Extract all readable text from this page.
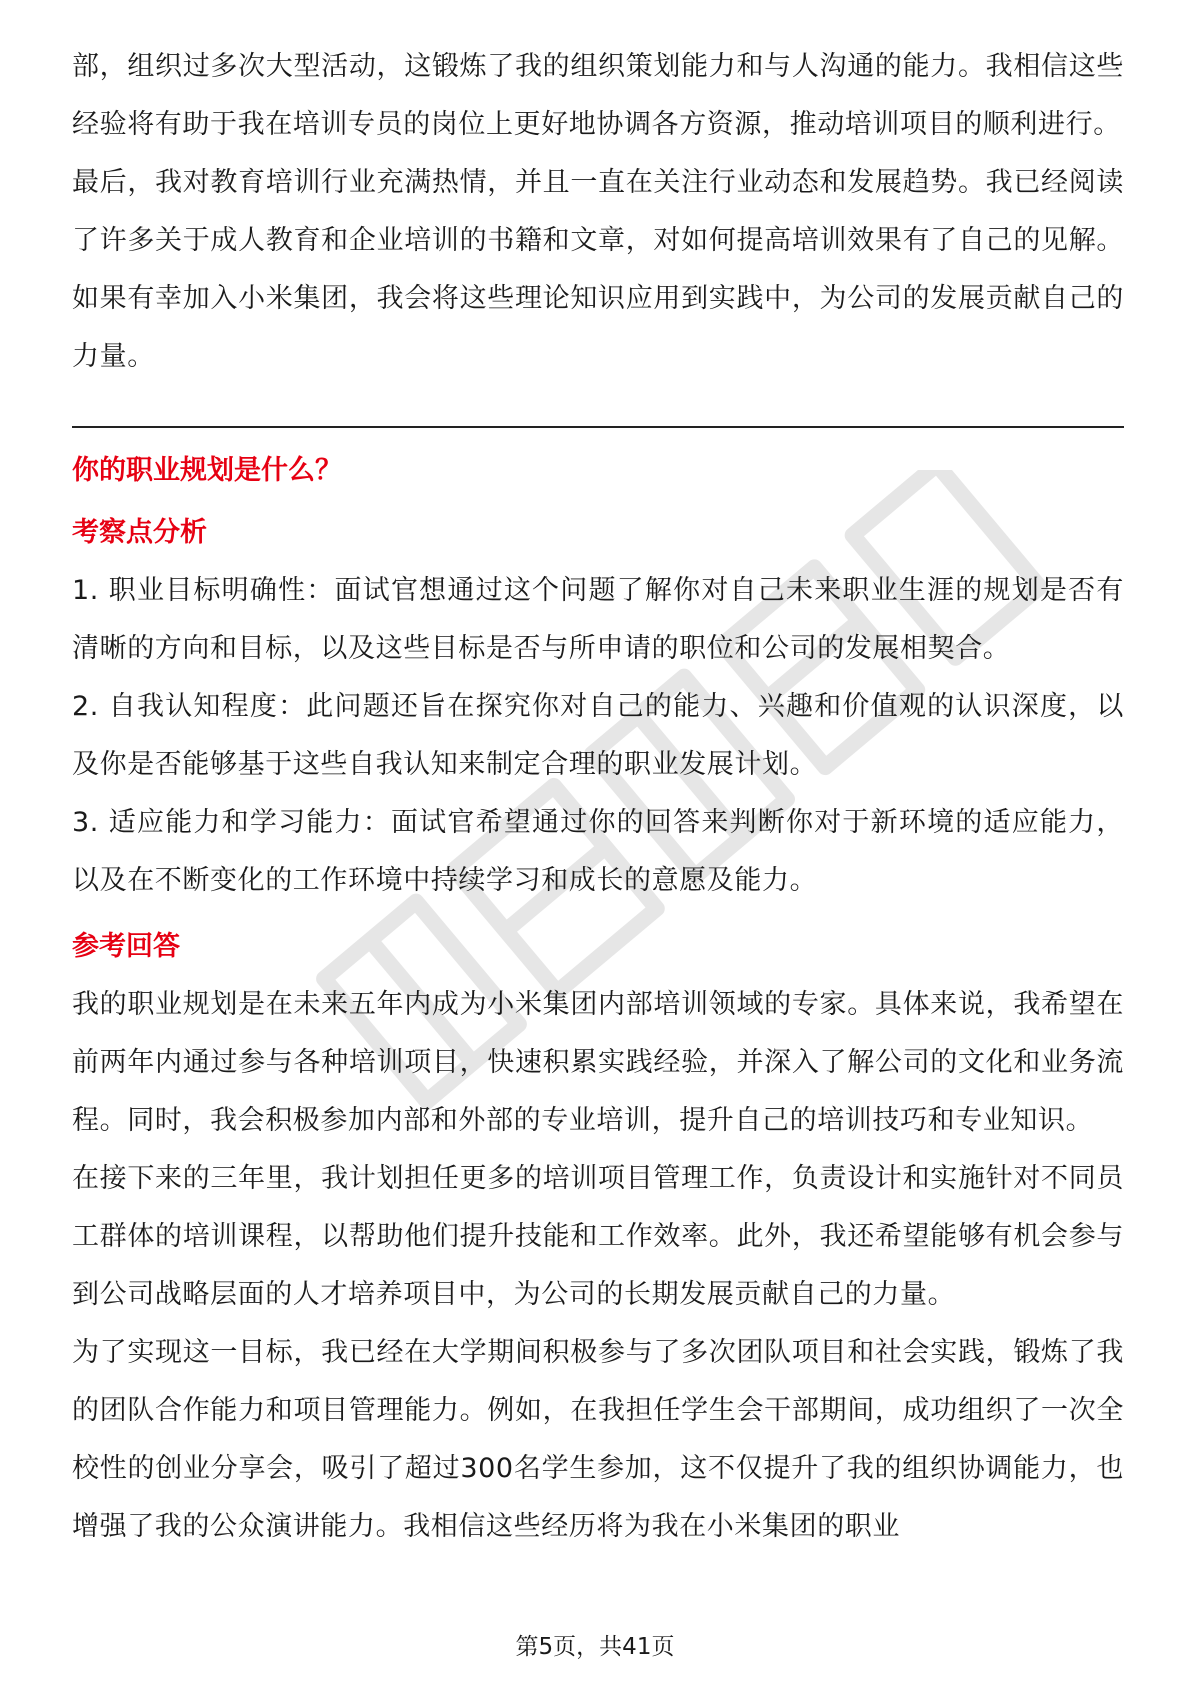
部，组织过多次大型活动，这锻炼了我的组织策划能力和与人沟通的能力。我相信这些经验将有助于我在培训专员的岗位上更好地协调各方资源，推动培训项目的顺利进行。

最后，我对教育培训行业充满热情，并且一直在关注行业动态和发展趋势。我已经阅读了许多关于成人教育和企业培训的书籍和文章，对如何提高培训效果有了自己的见解。如果有幸加入小米集团，我会将这些理论知识应用到实践中，为公司的发展贡献自己的力量。

你的职业规划是什么？
考察点分析

1. 职业目标明确性：面试官想通过这个问题了解你对自己未来职业生涯的规划是否有清晰的方向和目标，以及这些目标是否与所申请的职位和公司的发展相契合。

2. 自我认知程度：此问题还旨在探究你对自己的能力、兴趣和价值观的认识深度，以及你是否能够基于这些自我认知来制定合理的职业发展计划。

3. 适应能力和学习能力：面试官希望通过你的回答来判断你对于新环境的适应能力，以及在不断变化的工作环境中持续学习和成长的意愿及能力。

参考回答

我的职业规划是在未来五年内成为小米集团内部培训领域的专家。具体来说，我希望在前两年内通过参与各种培训项目，快速积累实践经验，并深入了解公司的文化和业务流程。同时，我会积极参加内部和外部的专业培训，提升自己的培训技巧和专业知识。

在接下来的三年里，我计划担任更多的培训项目管理工作，负责设计和实施针对不同员工群体的培训课程，以帮助他们提升技能和工作效率。此外，我还希望能够有机会参与到公司战略层面的人才培养项目中，为公司的长期发展贡献自己的力量。

为了实现这一目标，我已经在大学期间积极参与了多次团队项目和社会实践，锻炼了我的团队合作能力和项目管理能力。例如，在我担任学生会干部期间，成功组织了一次全校性的创业分享会，吸引了超过300名学生参加，这不仅提升了我的组织协调能力，也增强了我的公众演讲能力。我相信这些经历将为我在小米集团的职业

第5页，共41页
